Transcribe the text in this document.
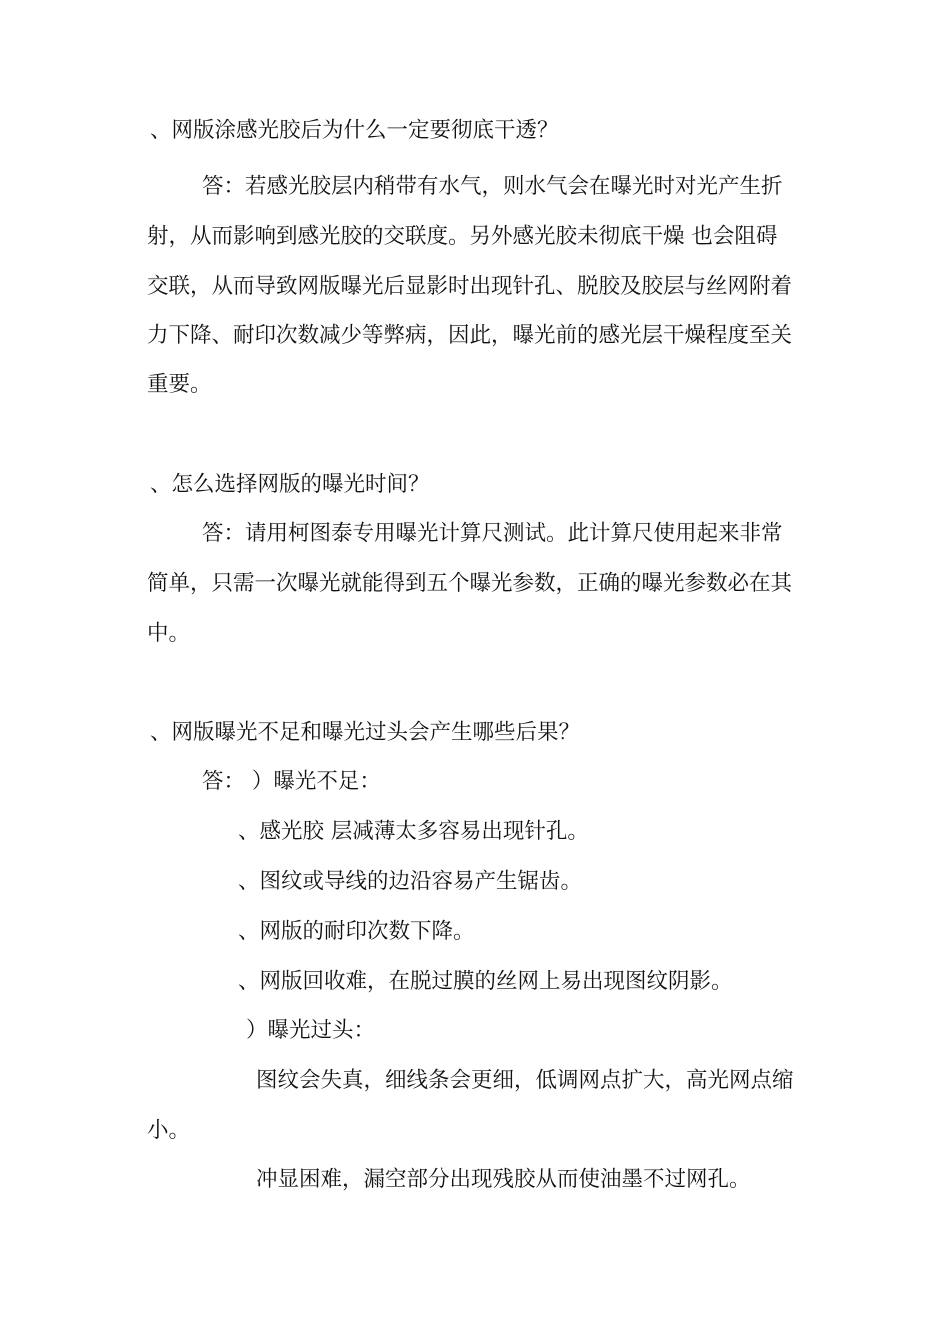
、网版涂感光胶后为什么一定要彻底干透？

答：若感光胶层内稍带有水气，则水气会在曝光时对光产生折

射，从而影响到感光胶的交联度。另外感光胶未彻底干燥 也会阻碍

交联，从而导致网版曝光后显影时出现针孔、脱胶及胶层与丝网附着

力下降、耐印次数减少等弊病，因此，曝光前的感光层干燥程度至关

重要。

、怎么选择网版的曝光时间？

答：请用柯图泰专用曝光计算尺测试。此计算尺使用起来非常

简单，只需一次曝光就能得到五个曝光参数，正确的曝光参数必在其

中。

、网版曝光不足和曝光过头会产生哪些后果？

答： ）曝光不足：

、感光胶 层减薄太多容易出现针孔。

、图纹或导线的边沿容易产生锯齿。

、网版的耐印次数下降。

、网版回收难，在脱过膜的丝网上易出现图纹阴影。

）曝光过头：

图纹会失真，细线条会更细，低调网点扩大，高光网点缩

小。

冲显困难，漏空部分出现残胶从而使油墨不过网孔。
